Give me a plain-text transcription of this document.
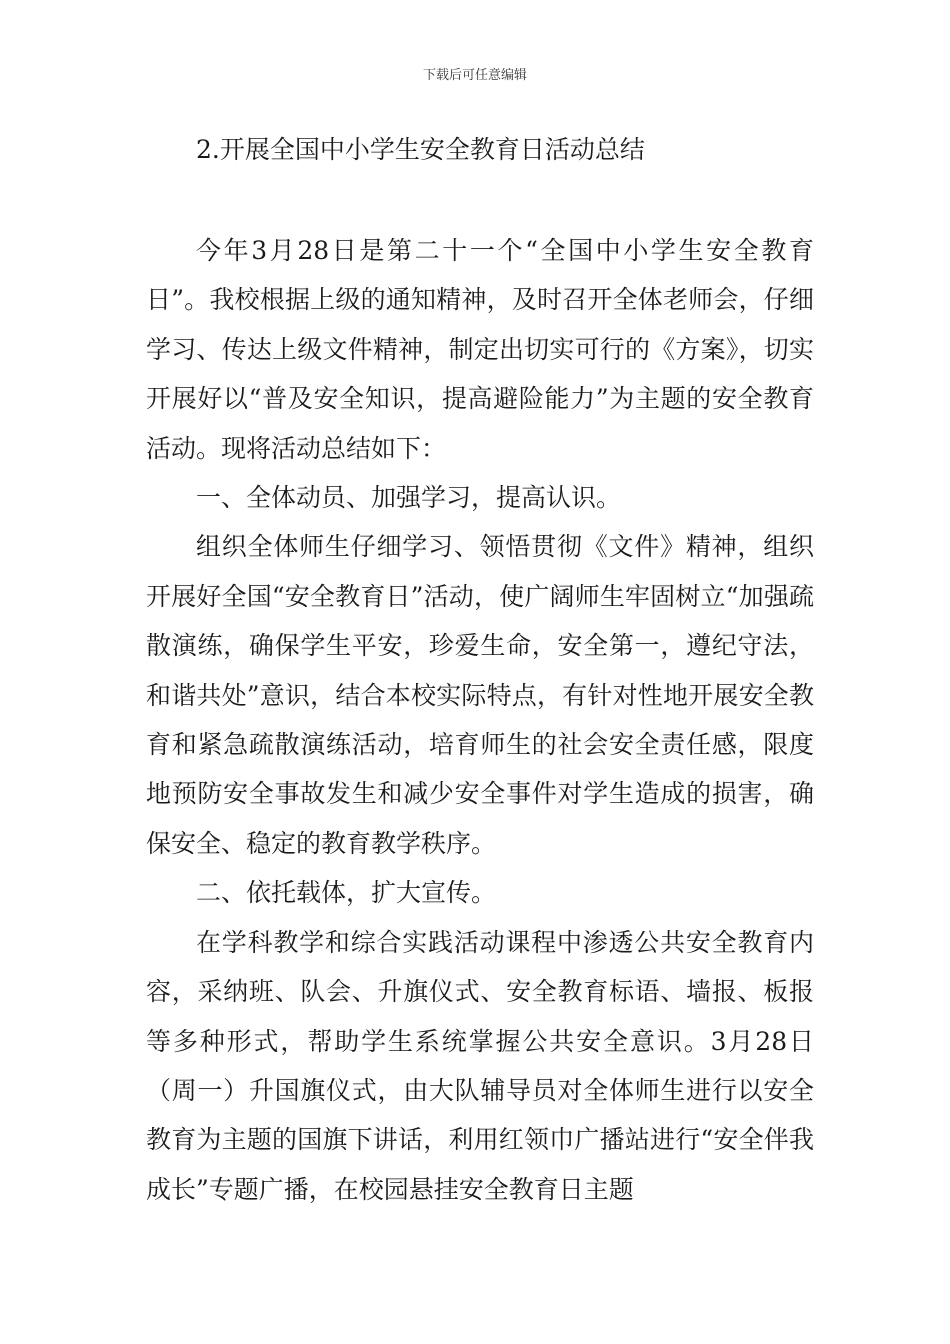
下载后可任意编辑
2.开展全国中小学生安全教育日活动总结

今年3月28日是第二十一个“全国中小学生安全教育日”。我校根据上级的通知精神，及时召开全体老师会，仔细学习、传达上级文件精神，制定出切实可行的《方案》，切实开展好以“普及安全知识，提高避险能力”为主题的安全教育活动。现将活动总结如下：

一、全体动员、加强学习，提高认识。

组织全体师生仔细学习、领悟贯彻《文件》精神，组织开展好全国“安全教育日”活动，使广阔师生牢固树立“加强疏散演练，确保学生平安，珍爱生命，安全第一，遵纪守法，和谐共处”意识，结合本校实际特点，有针对性地开展安全教育和紧急疏散演练活动，培育师生的社会安全责任感，限度地预防安全事故发生和减少安全事件对学生造成的损害，确保安全、稳定的教育教学秩序。

二、依托载体，扩大宣传。

在学科教学和综合实践活动课程中渗透公共安全教育内容，采纳班、队会、升旗仪式、安全教育标语、墙报、板报等多种形式，帮助学生系统掌握公共安全意识。3月28日（周一）升国旗仪式，由大队辅导员对全体师生进行以安全教育为主题的国旗下讲话，利用红领巾广播站进行“安全伴我成长”专题广播，在校园悬挂安全教育日主题
